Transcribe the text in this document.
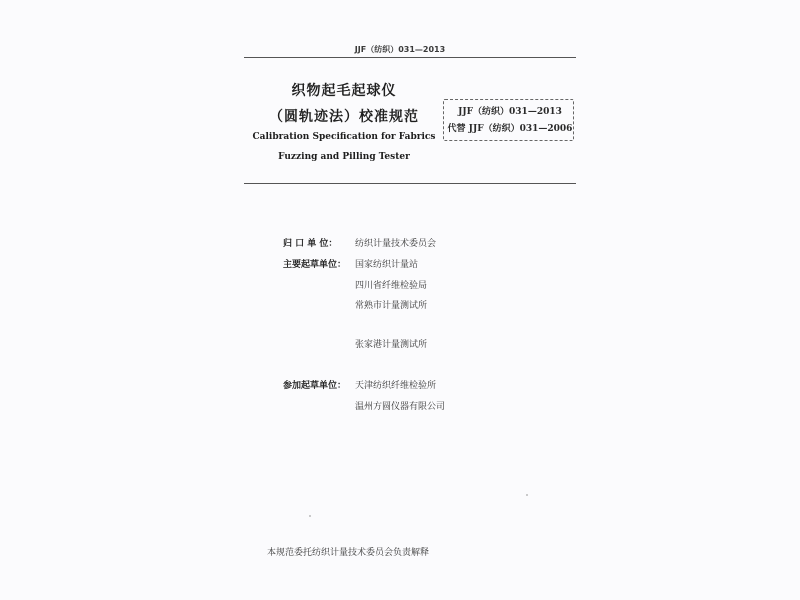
JJF（纺织）031—2013
织物起毛起球仪
（圆轨迹法）校准规范
Calibration Specification for Fabrics
Fuzzing and Pilling Tester
JJF（纺织）031—2013
代替 JJF（纺织）031—2006
归 口 单 位：	纺织计量技术委员会
主要起草单位： 国家纺织计量站
四川省纤维检验局
常熟市计量测试所
张家港计量测试所
参加起草单位： 天津纺织纤维检验所
温州方圆仪器有限公司
本规范委托纺织计量技术委员会负责解释
